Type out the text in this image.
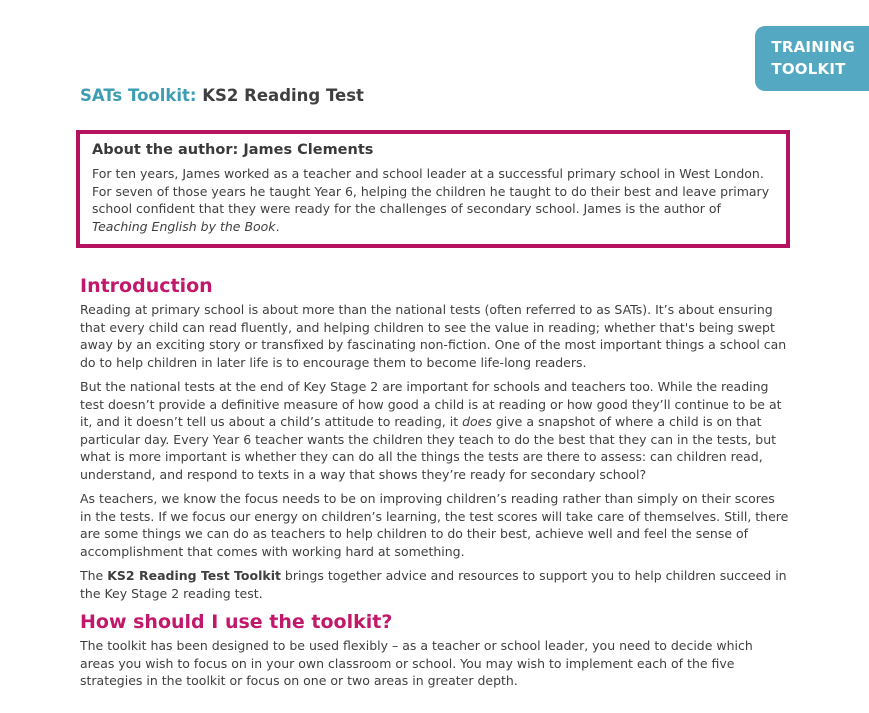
TRAINING
TOOLKIT
SATs Toolkit: KS2 Reading Test
About the author: James Clements

For ten years, James worked as a teacher and school leader at a successful primary school in West London. For seven of those years he taught Year 6, helping the children he taught to do their best and leave primary school confident that they were ready for the challenges of secondary school. James is the author of Teaching English by the Book.

Introduction

Reading at primary school is about more than the national tests (often referred to as SATs). It’s about ensuring that every child can read fluently, and helping children to see the value in reading; whether that's being swept away by an exciting story or transfixed by fascinating non-fiction. One of the most important things a school can do to help children in later life is to encourage them to become life-long readers.

But the national tests at the end of Key Stage 2 are important for schools and teachers too. While the reading test doesn’t provide a definitive measure of how good a child is at reading or how good they’ll continue to be at it, and it doesn’t tell us about a child’s attitude to reading, it does give a snapshot of where a child is on that particular day. Every Year 6 teacher wants the children they teach to do the best that they can in the tests, but what is more important is whether they can do all the things the tests are there to assess: can children read, understand, and respond to texts in a way that shows they’re ready for secondary school?

As teachers, we know the focus needs to be on improving children’s reading rather than simply on their scores in the tests. If we focus our energy on children’s learning, the test scores will take care of themselves. Still, there are some things we can do as teachers to help children to do their best, achieve well and feel the sense of accomplishment that comes with working hard at something.

The KS2 Reading Test Toolkit brings together advice and resources to support you to help children succeed in the Key Stage 2 reading test.

How should I use the toolkit?

The toolkit has been designed to be used flexibly – as a teacher or school leader, you need to decide which areas you wish to focus on in your own classroom or school. You may wish to implement each of the five strategies in the toolkit or focus on one or two areas in greater depth.
